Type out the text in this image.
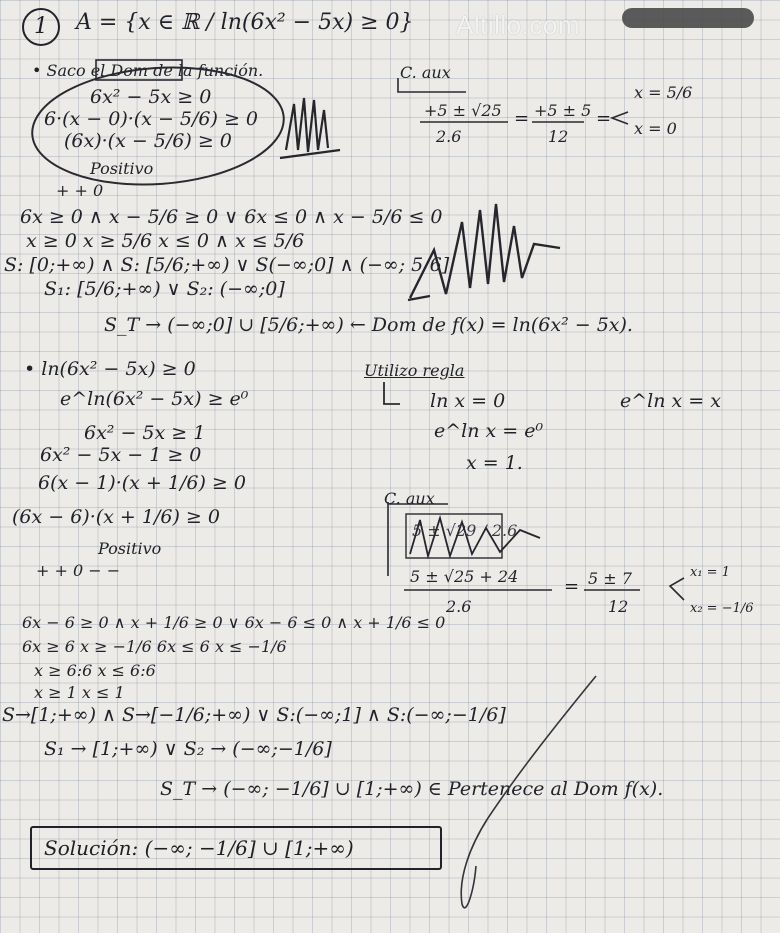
1	A = {x ∈ ℝ / ln(6x² − 5x) ≥ 0} Altillo.com
• Saco el Dom de la función.
6x² − 5x ≥ 0
6·(x − 0)·(x − 5/6) ≥ 0
(6x)·(x − 5/6) ≥ 0
Positivo
+ + 0
C. aux
+5 ± √25
2.6
= +5 ± 5
12
=
x = 5/6
x = 0
6x ≥ 0 ∧ x − 5/6 ≥ 0 ∨ 6x ≤ 0 ∧ x − 5/6 ≤ 0
x ≥ 0 x ≥ 5/6 x ≤ 0 ∧ x ≤ 5/6
S: [0;+∞) ∧ S: [5/6;+∞) ∨ S(−∞;0] ∧ (−∞; 5/6]
S₁: [5/6;+∞) ∨ S₂: (−∞;0]
S_T → (−∞;0] ∪ [5/6;+∞) ← Dom de f(x) = ln(6x² − 5x).
• ln(6x² − 5x) ≥ 0
e^ln(6x² − 5x) ≥ e⁰
6x² − 5x ≥ 1
6x² − 5x − 1 ≥ 0
6(x − 1)·(x + 1/6) ≥ 0
(6x − 6)·(x + 1/6) ≥ 0
Positivo
+ + 0 − −
Utilizo regla
ln x = 0	e^ln x = x
e^ln x = e⁰
x = 1.
C. aux
5 ± √29 / 2.6
5 ± √25 + 24
2.6
= 5 ± 7
12
x₁ = 1
x₂ = −1/6
6x − 6 ≥ 0 ∧ x + 1/6 ≥ 0 ∨ 6x − 6 ≤ 0 ∧ x + 1/6 ≤ 0
6x ≥ 6 x ≥ −1/6 6x ≤ 6 x ≤ −1/6
x ≥ 6:6 x ≤ 6:6
x ≥ 1 x ≤ 1
S→[1;+∞) ∧ S→[−1/6;+∞) ∨ S:(−∞;1] ∧ S:(−∞;−1/6]
S₁ → [1;+∞) ∨ S₂ → (−∞;−1/6]
S_T → (−∞; −1/6] ∪ [1;+∞) ∈ Pertenece al Dom f(x).
Solución: (−∞; −1/6] ∪ [1;+∞)
